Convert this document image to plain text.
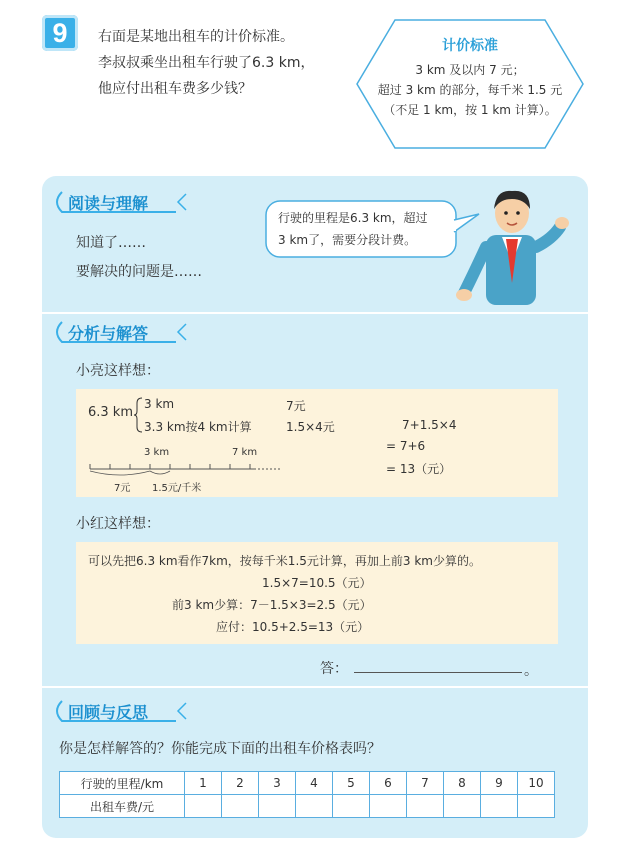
9	右面是某地出租车的计价标准。
李叔叔乘坐出租车行驶了6.3 km，
他应付出租车费多少钱？
计价标准
3 km 及以内 7 元；
超过 3 km 的部分，每千米 1.5 元
（不足 1 km，按 1 km 计算）。
阅读与理解
知道了……
要解决的问题是……
行驶的里程是6.3 km，超过
3 km了，需要分段计费。
分析与解答
小亮这样想：
6.3 km
3 km
3.3 km按4 km计算
7元
1.5×4元	7+1.5×4
= 7+6
= 13（元）
3 km	7 km
7元 1.5元/千米
小红这样想：
可以先把6.3 km看作7km，按每千米1.5元计算，再加上前3 km少算的。
1.5×7=10.5（元）
前3 km少算：7－1.5×3=2.5（元）
应付：10.5+2.5=13（元）
答：	。
回顾与反思
你是怎样解答的？你能完成下面的出租车价格表吗？
行驶的里程/km	1	2	3	4	5	6	7	8	9	10
出租车费/元										
